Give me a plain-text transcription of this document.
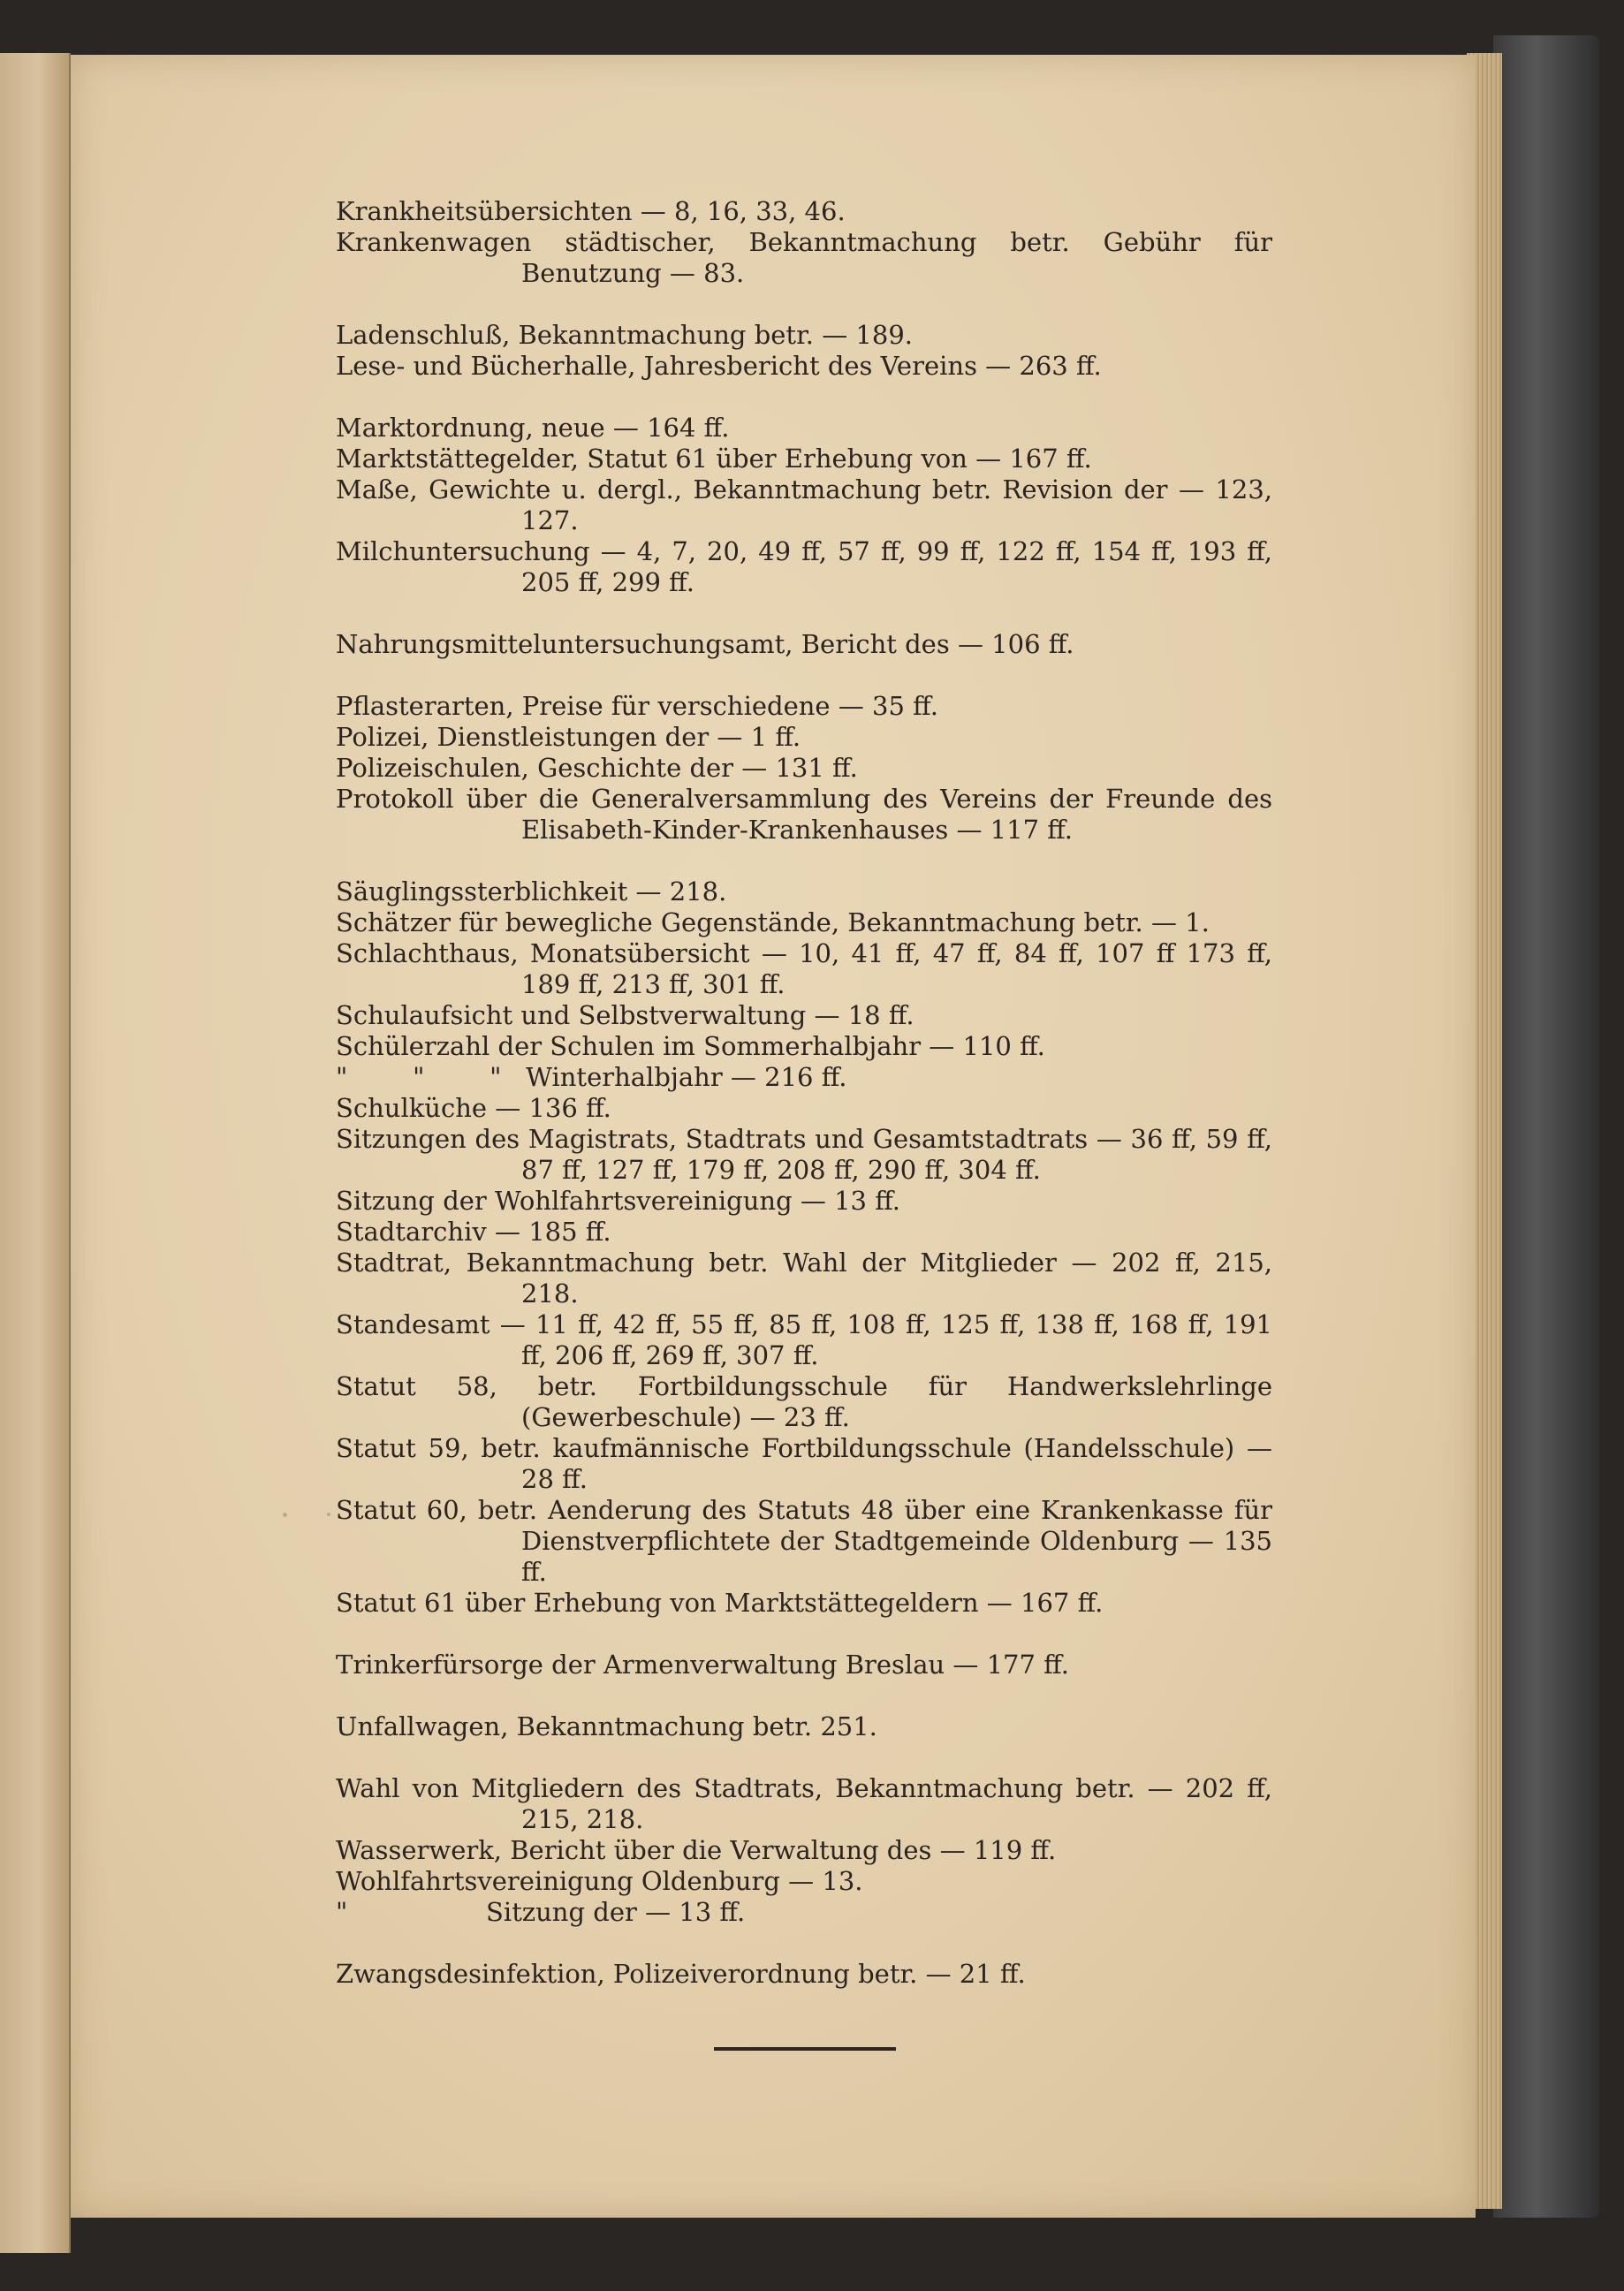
Krankheitsübersichten — 8, 16, 33, 46.
Krankenwagen städtischer, Bekanntmachung betr. Gebühr für Benutzung — 83.
Ladenschluß, Bekanntmachung betr. — 189.
Lese- und Bücherhalle, Jahresbericht des Vereins — 263 ff.
Marktordnung, neue — 164 ff.
Marktstättegelder, Statut 61 über Erhebung von — 167 ff.
Maße, Gewichte u. dergl., Bekanntmachung betr. Revision der — 123, 127.
Milchuntersuchung — 4, 7, 20, 49 ff, 57 ff, 99 ff, 122 ff, 154 ff, 193 ff, 205 ff, 299 ff.
Nahrungsmitteluntersuchungsamt, Bericht des — 106 ff.
Pflasterarten, Preise für verschiedene — 35 ff.
Polizei, Dienstleistungen der — 1 ff.
Polizeischulen, Geschichte der — 131 ff.
Protokoll über die Generalversammlung des Vereins der Freunde des Elisabeth-Kinder-Krankenhauses — 117 ff.
Säuglingssterblichkeit — 218.
Schätzer für bewegliche Gegenstände, Bekanntmachung betr. — 1.
Schlachthaus, Monatsübersicht — 10, 41 ff, 47 ff, 84 ff, 107 ff 173 ff, 189 ff, 213 ff, 301 ff.
Schulaufsicht und Selbstverwaltung — 18 ff.
Schülerzahl der Schulen im Sommerhalbjahr — 110 ff.
"        "        "   Winterhalbjahr — 216 ff.
Schulküche — 136 ff.
Sitzungen des Magistrats, Stadtrats und Gesamtstadtrats — 36 ff, 59 ff, 87 ff, 127 ff, 179 ff, 208 ff, 290 ff, 304 ff.
Sitzung der Wohlfahrtsvereinigung — 13 ff.
Stadtarchiv — 185 ff.
Stadtrat, Bekanntmachung betr. Wahl der Mitglieder — 202 ff, 215, 218.
Standesamt — 11 ff, 42 ff, 55 ff, 85 ff, 108 ff, 125 ff, 138 ff, 168 ff, 191 ff, 206 ff, 269 ff, 307 ff.
Statut 58, betr. Fortbildungsschule für Handwerkslehrlinge (Gewerbeschule) — 23 ff.
Statut 59, betr. kaufmännische Fortbildungsschule (Handelsschule) — 28 ff.
Statut 60, betr. Aenderung des Statuts 48 über eine Krankenkasse für Dienstverpflichtete der Stadtgemeinde Oldenburg — 135 ff.
Statut 61 über Erhebung von Marktstättegeldern — 167 ff.
Trinkerfürsorge der Armenverwaltung Breslau — 177 ff.
Unfallwagen, Bekanntmachung betr. 251.
Wahl von Mitgliedern des Stadtrats, Bekanntmachung betr. — 202 ff, 215, 218.
Wasserwerk, Bericht über die Verwaltung des — 119 ff.
Wohlfahrtsvereinigung Oldenburg — 13.
"                 Sitzung der — 13 ff.
Zwangsdesinfektion, Polizeiverordnung betr. — 21 ff.
